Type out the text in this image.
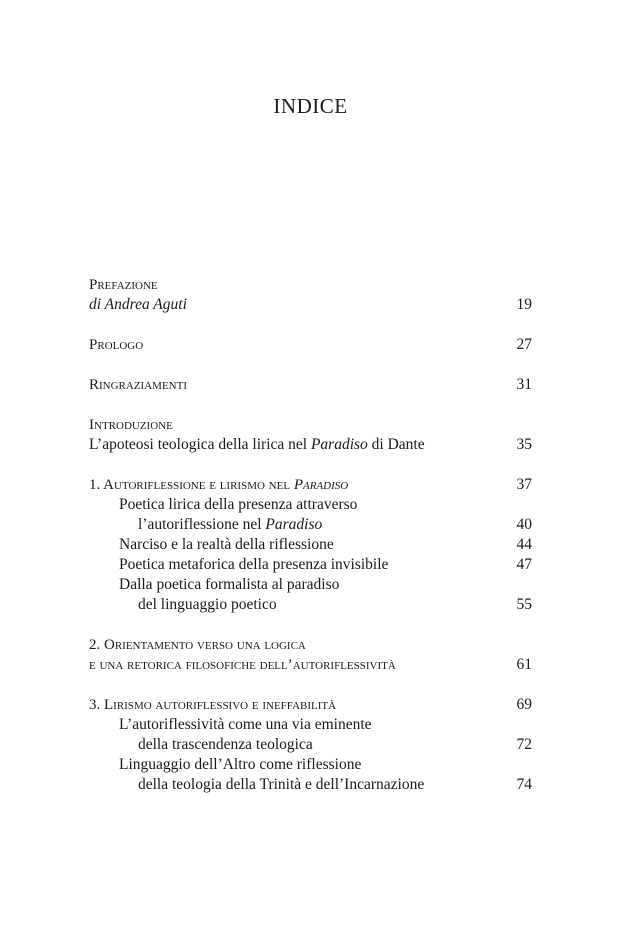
INDICE
Prefazione
di Andrea Aguti	19
Prologo	27
Ringraziamenti	31
Introduzione
L’apoteosi teologica della lirica nel Paradiso di Dante	35
1. Autoriflessione e lirismo nel Paradiso	37
Poetica lirica della presenza attraverso
l’autoriflessione nel Paradiso	40
Narciso e la realtà della riflessione	44
Poetica metaforica della presenza invisibile	47
Dalla poetica formalista al paradiso
del linguaggio poetico	55
2. Orientamento verso una logica
e una retorica filosofiche dell’autoriflessività	61
3. Lirismo autoriflessivo e ineffabilità	69
L’autoriflessività come una via eminente
della trascendenza teologica	72
Linguaggio dell’Altro come riflessione
della teologia della Trinità e dell’Incarnazione	74
